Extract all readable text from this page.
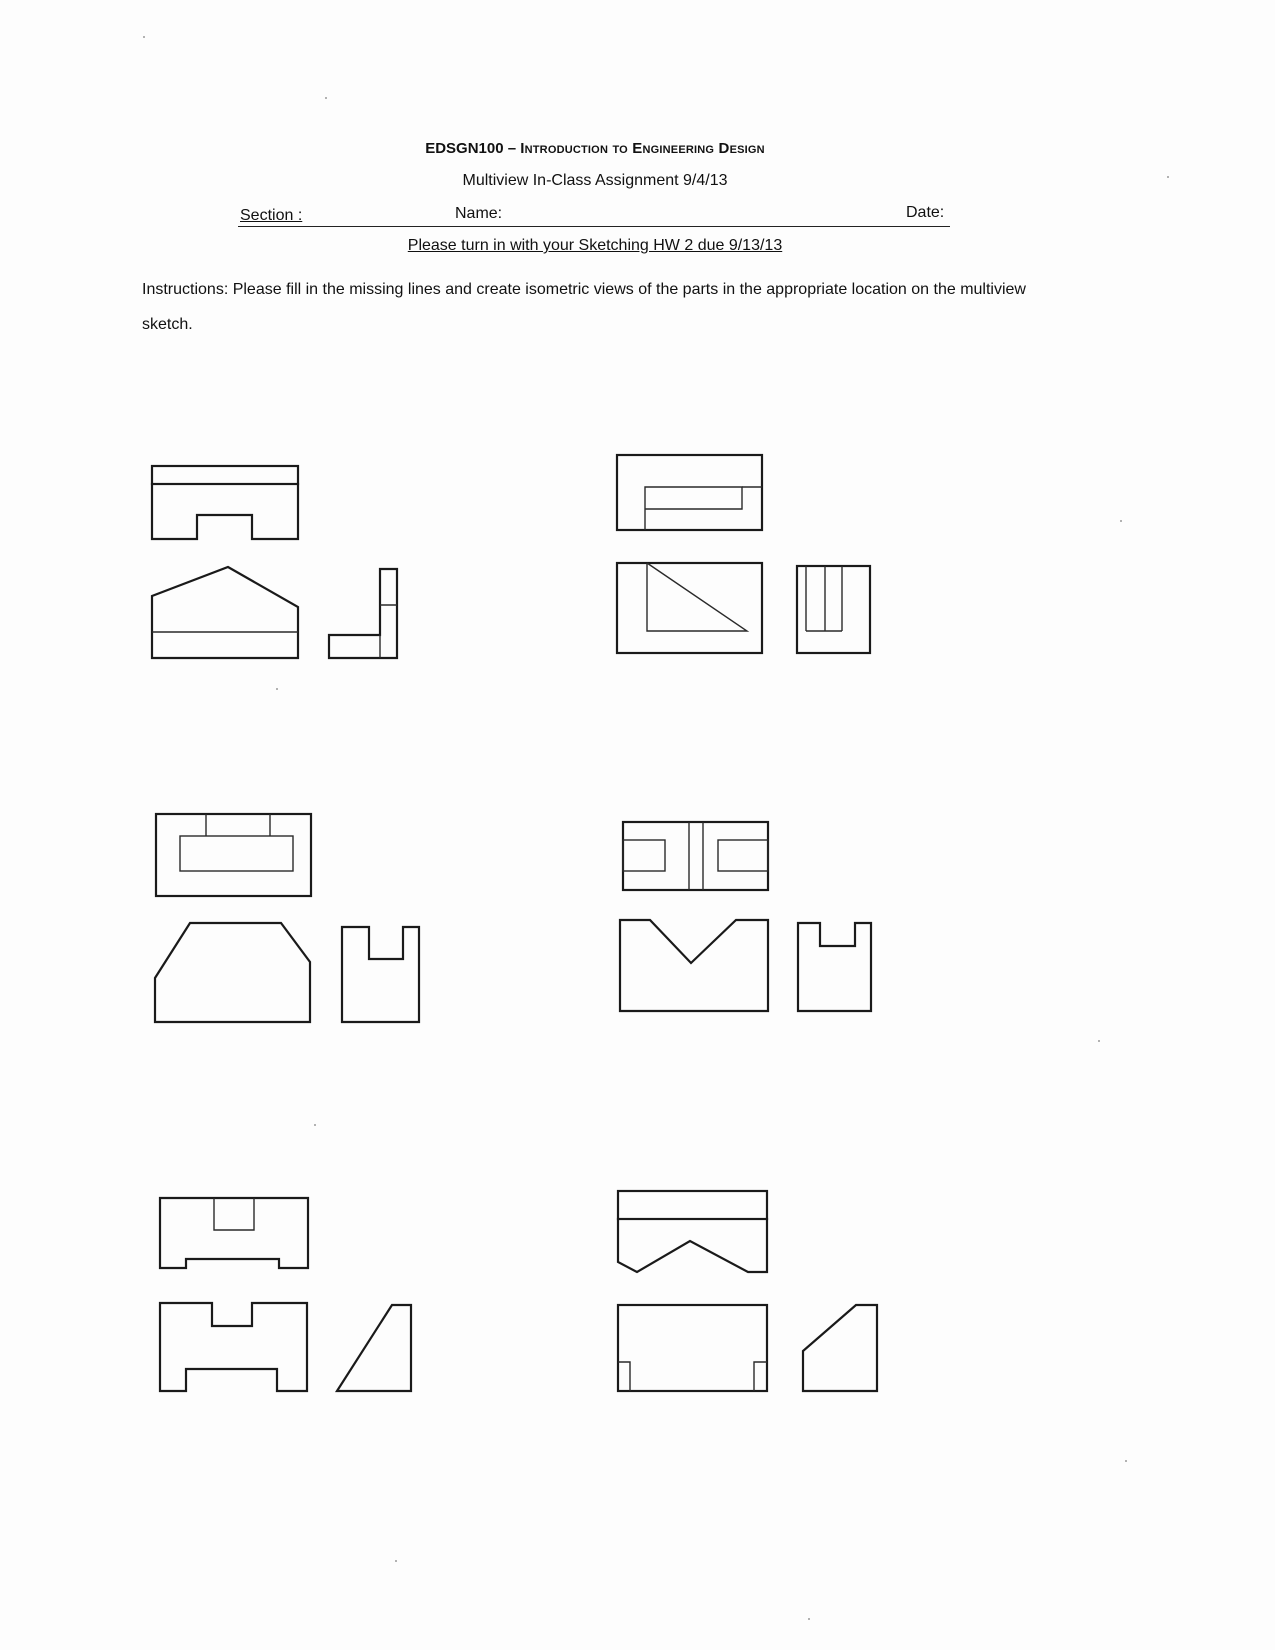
EDSGN100 – Introduction to Engineering Design
Multiview In-Class Assignment 9/4/13
Section :	Name:	Date:
Please turn in with your Sketching HW 2 due 9/13/13
Instructions: Please fill in the missing lines and create isometric views of the parts in the appropriate location on the multiview sketch.
